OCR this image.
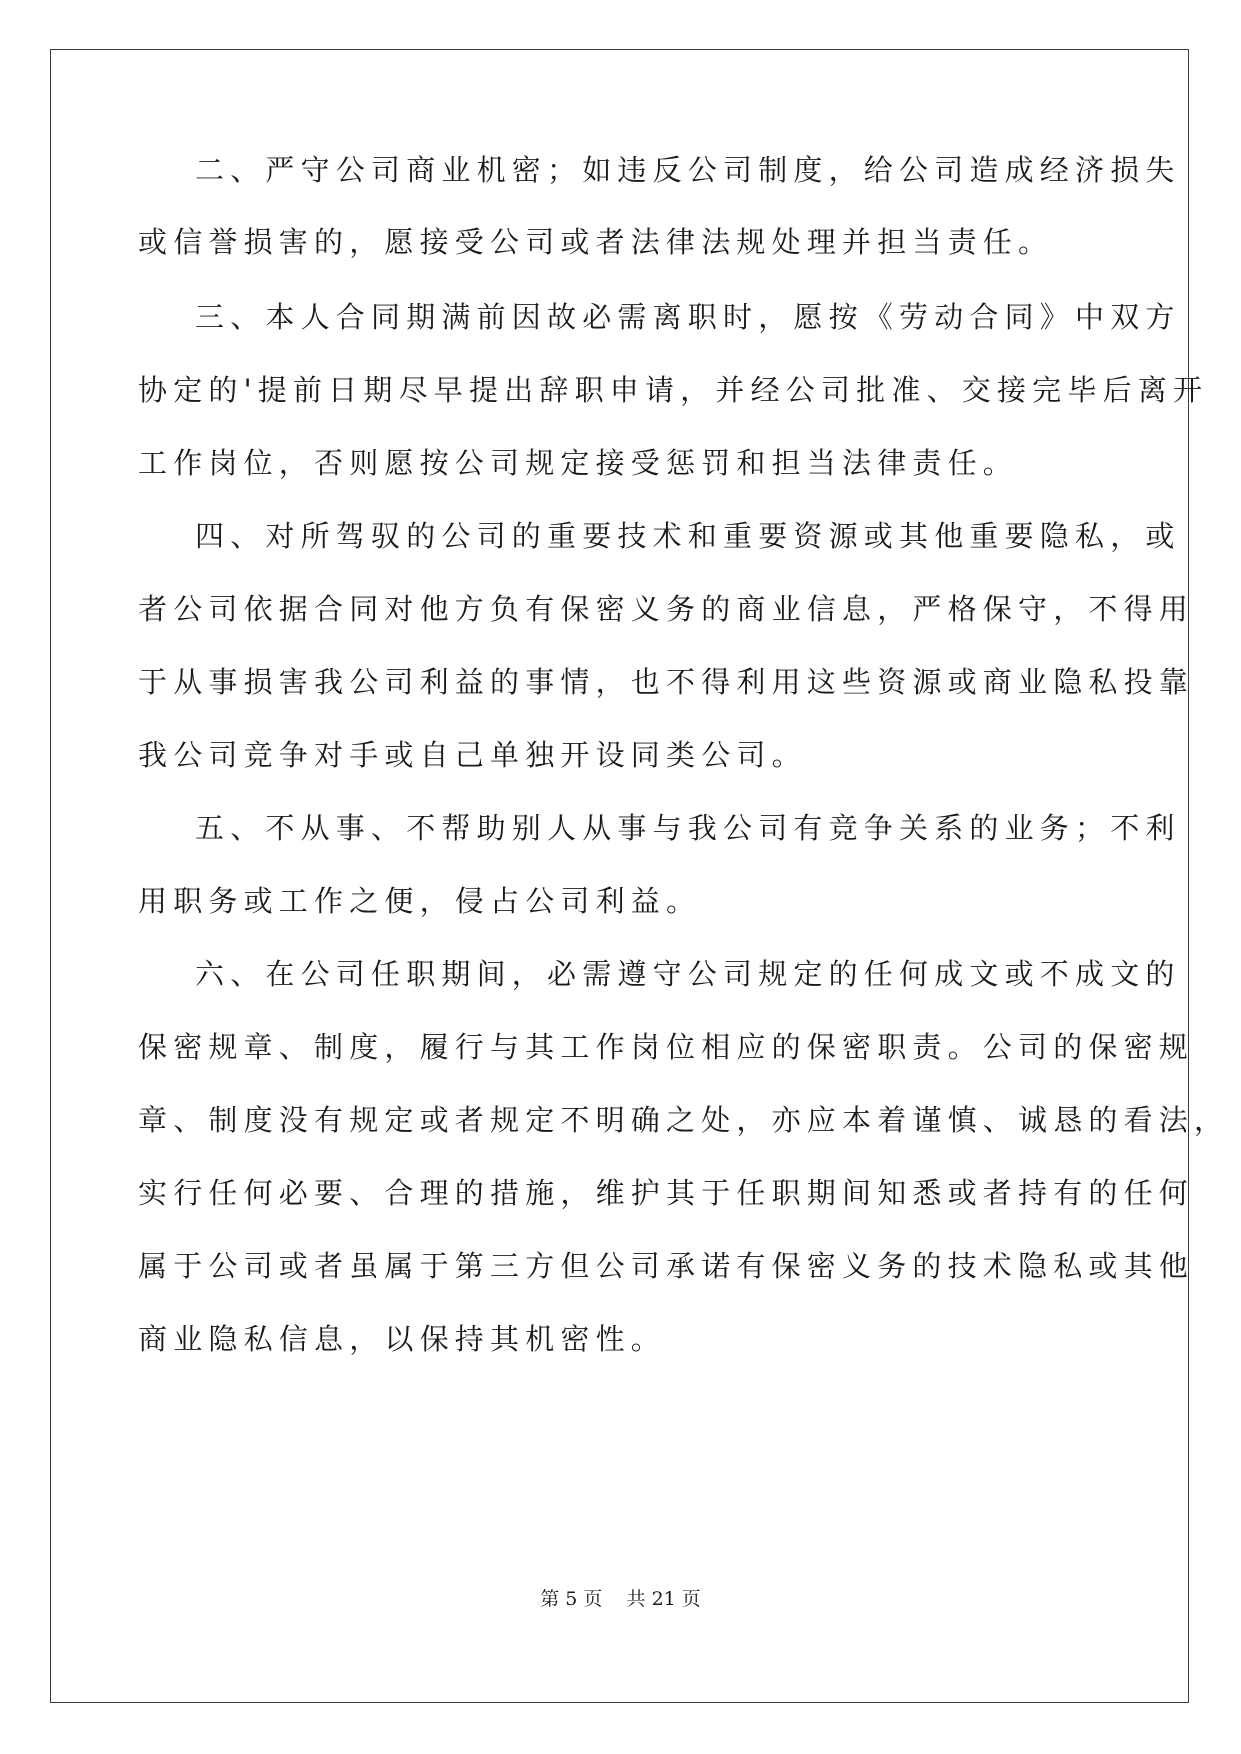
二、严守公司商业机密；如违反公司制度，给公司造成经济损失
或信誉损害的，愿接受公司或者法律法规处理并担当责任。
三、本人合同期满前因故必需离职时，愿按《劳动合同》中双方
协定的'提前日期尽早提出辞职申请，并经公司批准、交接完毕后离开
工作岗位，否则愿按公司规定接受惩罚和担当法律责任。
四、对所驾驭的公司的重要技术和重要资源或其他重要隐私，或
者公司依据合同对他方负有保密义务的商业信息，严格保守，不得用
于从事损害我公司利益的事情，也不得利用这些资源或商业隐私投靠
我公司竞争对手或自己单独开设同类公司。
五、不从事、不帮助别人从事与我公司有竞争关系的业务；不利
用职务或工作之便，侵占公司利益。
六、在公司任职期间，必需遵守公司规定的任何成文或不成文的
保密规章、制度，履行与其工作岗位相应的保密职责。公司的保密规
章、制度没有规定或者规定不明确之处，亦应本着谨慎、诚恳的看法，
实行任何必要、合理的措施，维护其于任职期间知悉或者持有的任何
属于公司或者虽属于第三方但公司承诺有保密义务的技术隐私或其他
商业隐私信息，以保持其机密性。
第 5 页    共 21 页
